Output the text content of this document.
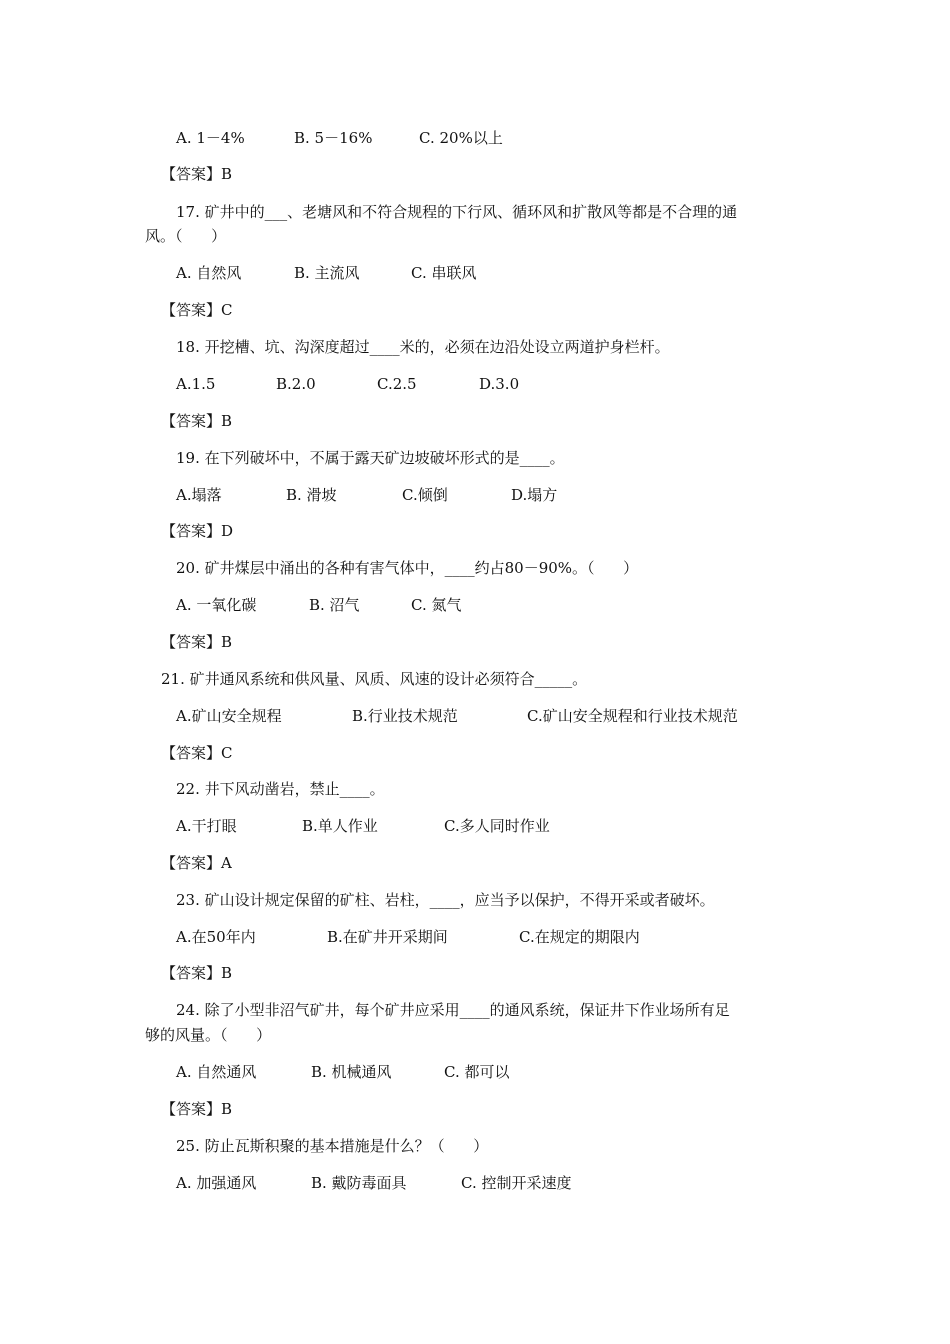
A. 1－4%	B. 5－16%	C. 20%以上
【答案】B
17. 矿井中的___、老塘风和不符合规程的下行风、循环风和扩散风等都是不合理的通
风。（      ）
A. 自然风	B. 主流风	C. 串联风
【答案】C
18. 开挖槽、坑、沟深度超过____米的，必须在边沿处设立两道护身栏杆。
A.1.5	B.2.0	C.2.5	D.3.0
【答案】B
19. 在下列破坏中，不属于露天矿边坡破坏形式的是____。
A.塌落	B. 滑坡	C.倾倒	D.塌方
【答案】D
20. 矿井煤层中涌出的各种有害气体中，____约占80－90%。（      ）
A. 一氧化碳	B. 沼气	C. 氮气
【答案】B
21. 矿井通风系统和供风量、风质、风速的设计必须符合_____。
A.矿山安全规程	B.行业技术规范	C.矿山安全规程和行业技术规范
【答案】C
22. 井下风动凿岩，禁止____。
A.干打眼	B.单人作业	C.多人同时作业
【答案】A
23. 矿山设计规定保留的矿柱、岩柱，____，应当予以保护，不得开采或者破坏。
A.在50年内	B.在矿井开采期间	C.在规定的期限内
【答案】B
24. 除了小型非沼气矿井，每个矿井应采用____的通风系统，保证井下作业场所有足
够的风量。（      ）
A. 自然通风	B. 机械通风	C. 都可以
【答案】B
25. 防止瓦斯积聚的基本措施是什么？（      ）
A. 加强通风	B. 戴防毒面具	C. 控制开采速度
